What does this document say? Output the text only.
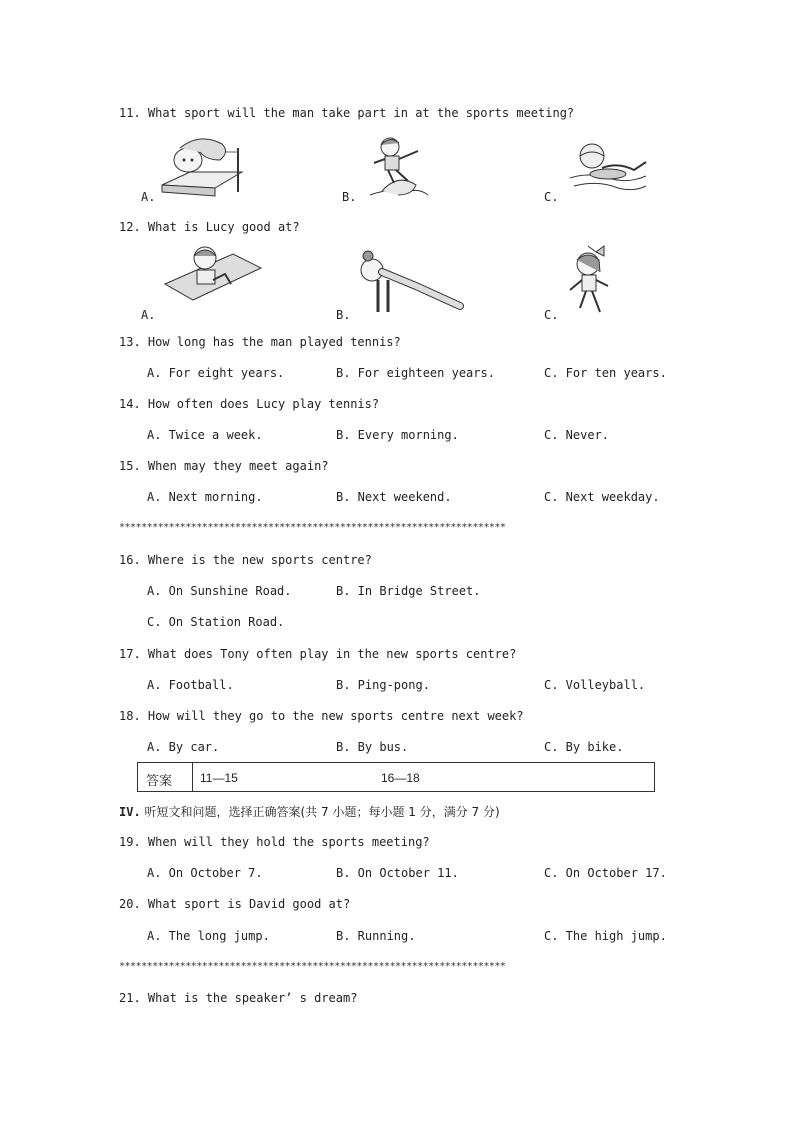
11. What sport will the man take part in at the sports meeting?
A.	B.	C.
12. What is Lucy good at?
A.	B.	C.
13. How long has the man played tennis?
A. For eight years.	B. For eighteen years.	C. For ten years.
14. How often does Lucy play tennis?
A. Twice a week.	B. Every morning.	C. Never.
15. When may they meet again?
A. Next morning.	B. Next weekend.	C. Next weekday.
**********************************************************************
16. Where is the new sports centre?
A. On Sunshine Road.	B. In Bridge Street.
C. On Station Road.
17. What does Tony often play in the new sports centre?
A. Football.	B. Ping-pong.	C. Volleyball.
18. How will they go to the new sports centre next week?
A. By car.	B. By bus.	C. By bike.
答案 11—15	16—18
IV. 听短文和问题，选择正确答案(共 7 小题；每小题 1 分，满分 7 分)
19. When will they hold the sports meeting?
A. On October 7.	B. On October 11.	C. On October 17.
20. What sport is David good at?
A. The long jump.	B. Running.	C. The high jump.
**********************************************************************
21. What is the speaker’ s dream?
